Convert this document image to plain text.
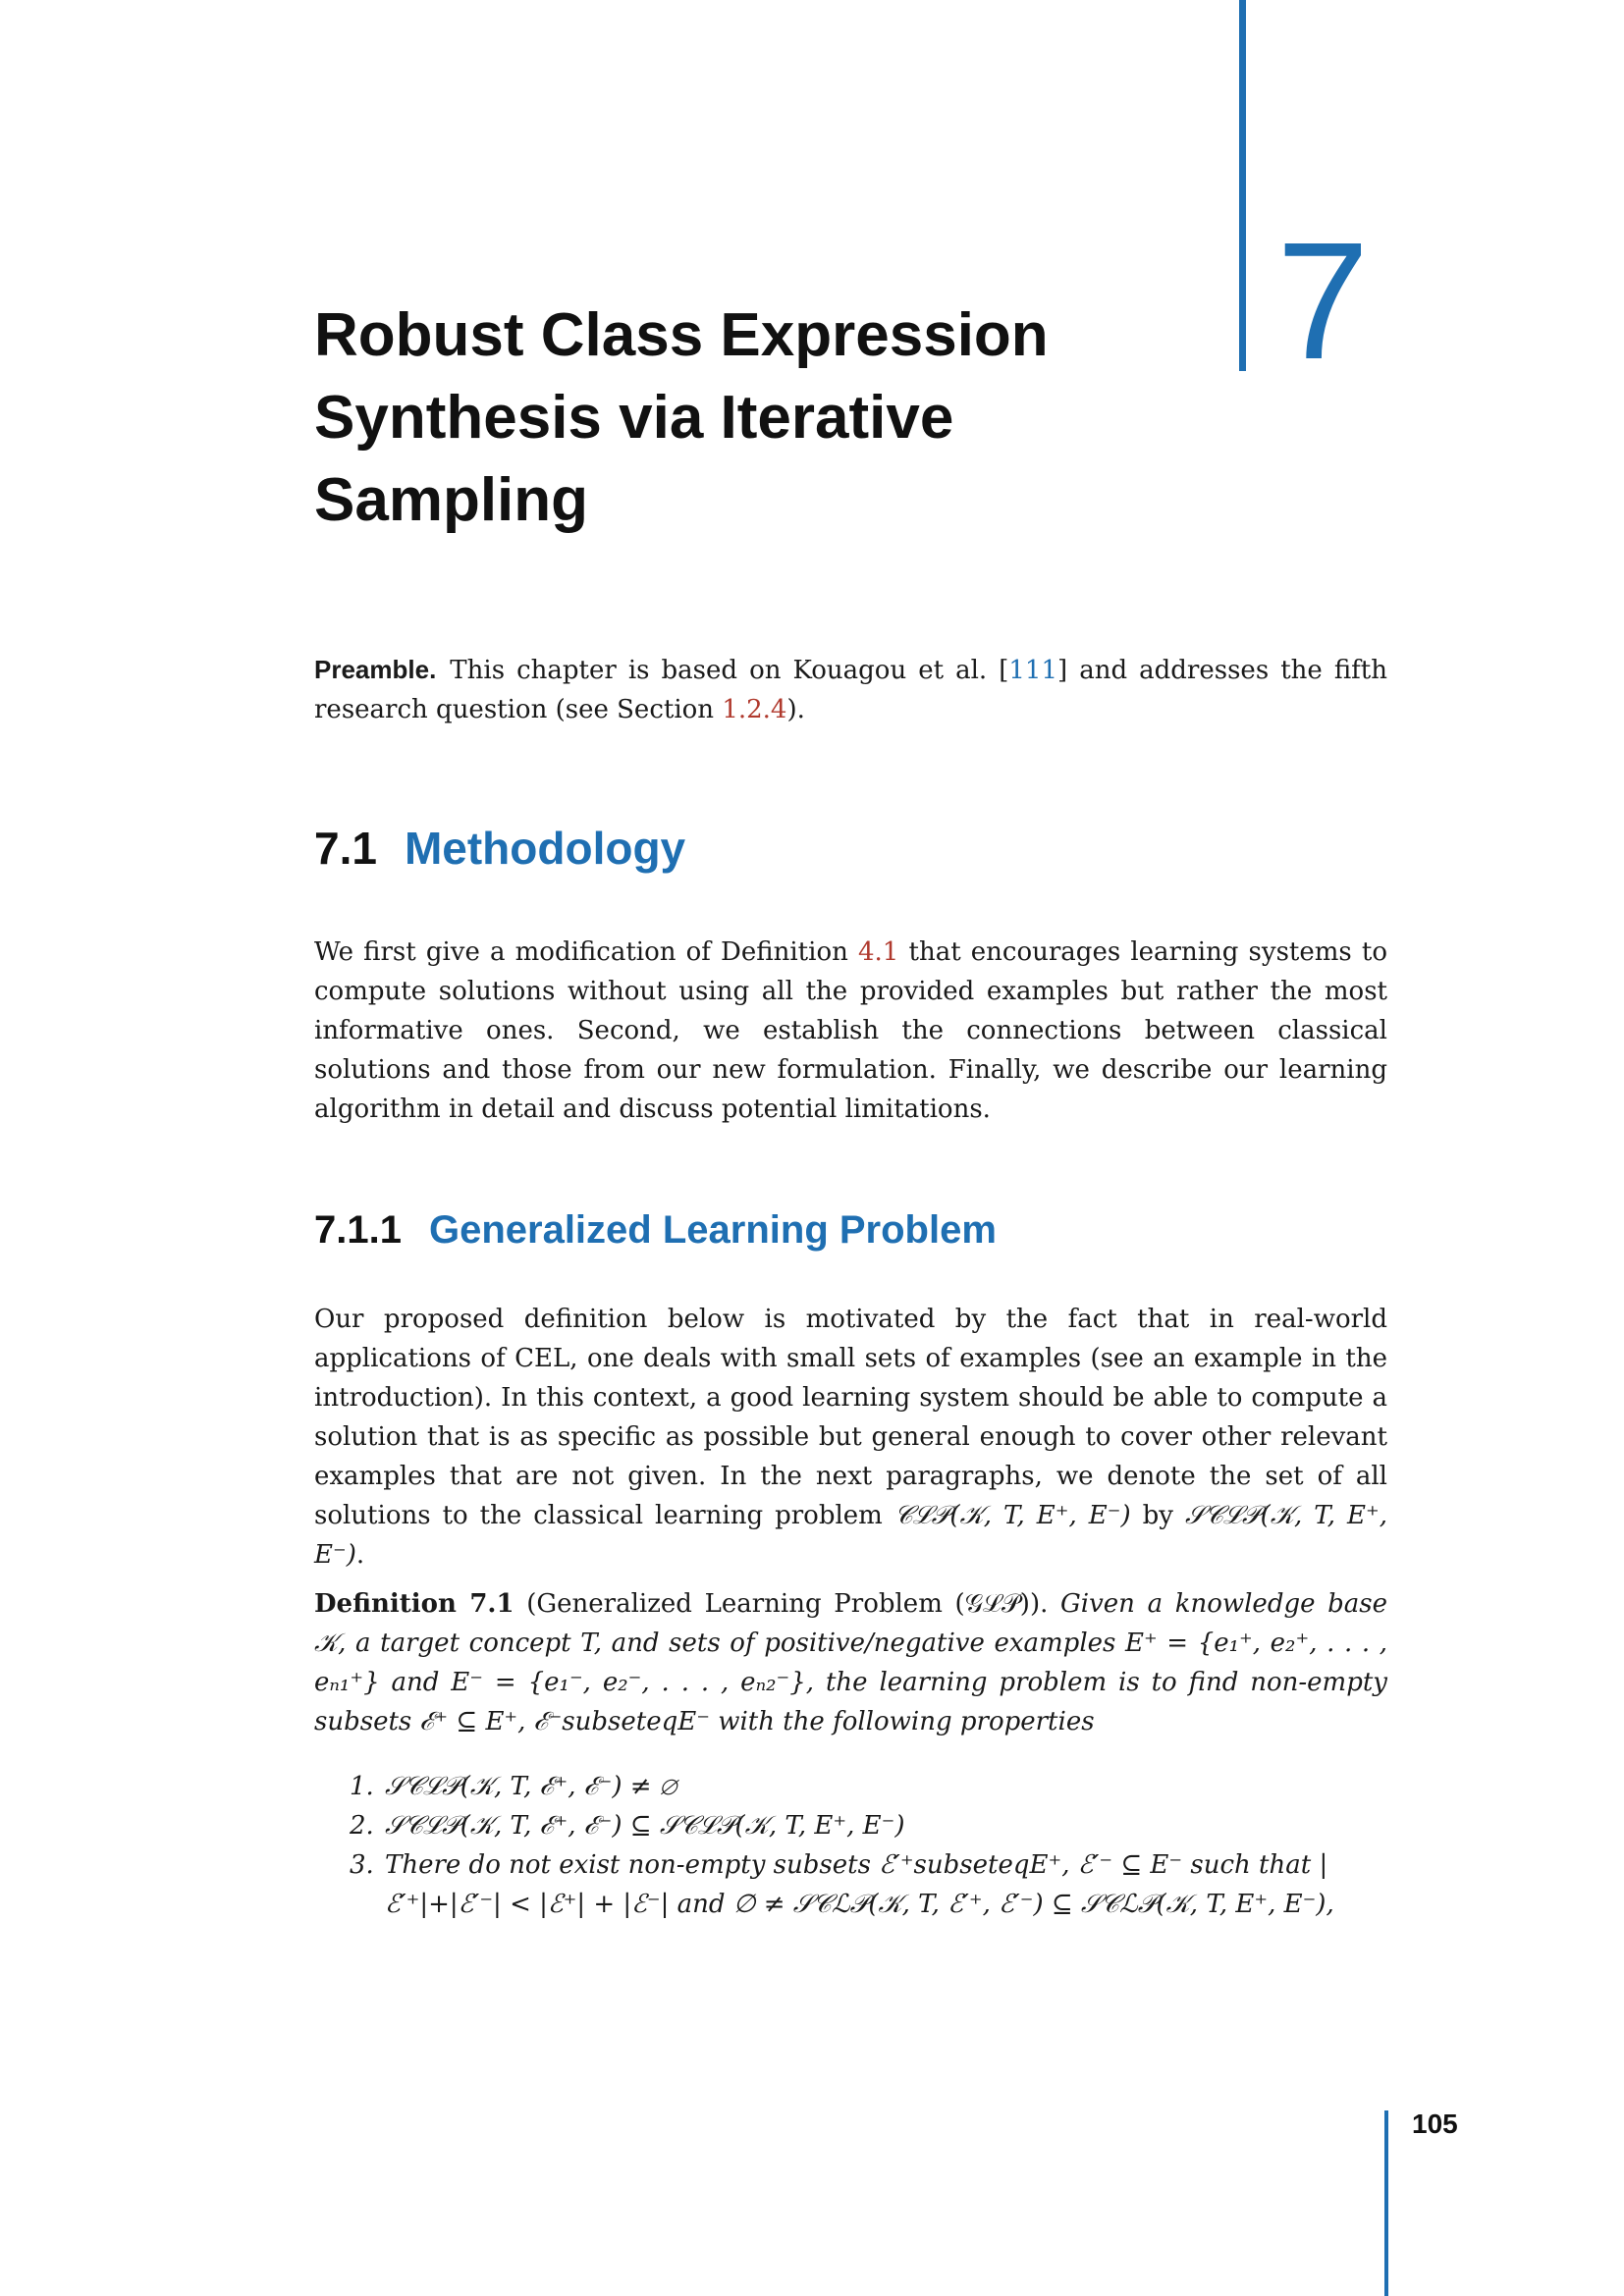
7
Robust Class Expression
Synthesis via Iterative
Sampling

Preamble. This chapter is based on Kouagou et al. [111] and addresses the fifth research question (see Section 1.2.4).

7.1 Methodology

We first give a modification of Definition 4.1 that encourages learning systems to compute solutions without using all the provided examples but rather the most informative ones. Second, we establish the connections between classical solutions and those from our new formulation. Finally, we describe our learning algorithm in detail and discuss potential limitations.

7.1.1 Generalized Learning Problem

Our proposed definition below is motivated by the fact that in real-world applications of CEL, one deals with small sets of examples (see an example in the introduction). In this context, a good learning system should be able to compute a solution that is as specific as possible but general enough to cover other relevant examples that are not given. In the next paragraphs, we denote the set of all solutions to the classical learning problem 𝒞ℒ𝒫(𝒦, T, E⁺, E⁻) by 𝒮𝒞ℒ𝒫(𝒦, T, E⁺, E⁻).

Definition 7.1 (Generalized Learning Problem (𝒢ℒ𝒫)). Given a knowledge base 𝒦, a target concept T, and sets of positive/negative examples E⁺ = {e₁⁺, e₂⁺, . . . , eₙ₁⁺} and E⁻ = {e₁⁻, e₂⁻, . . . , eₙ₂⁻}, the learning problem is to find non-empty subsets ℰ⁺ ⊆ E⁺, ℰ⁻subseteqE⁻ with the following properties

1. 𝒮𝒞ℒ𝒫(𝒦, T, ℰ⁺, ℰ⁻) ≠ ∅
2. 𝒮𝒞ℒ𝒫(𝒦, T, ℰ⁺, ℰ⁻) ⊆ 𝒮𝒞ℒ𝒫(𝒦, T, E⁺, E⁻)
3. There do not exist non-empty subsets ℰ′⁺subseteqE⁺, ℰ′⁻ ⊆ E⁻ such that |ℰ′⁺|+|ℰ′⁻| < |ℰ⁺| + |ℰ⁻| and ∅ ≠ 𝒮𝒞ℒ𝒫(𝒦, T, ℰ′⁺, ℰ′⁻) ⊆ 𝒮𝒞ℒ𝒫(𝒦, T, E⁺, E⁻),
105
